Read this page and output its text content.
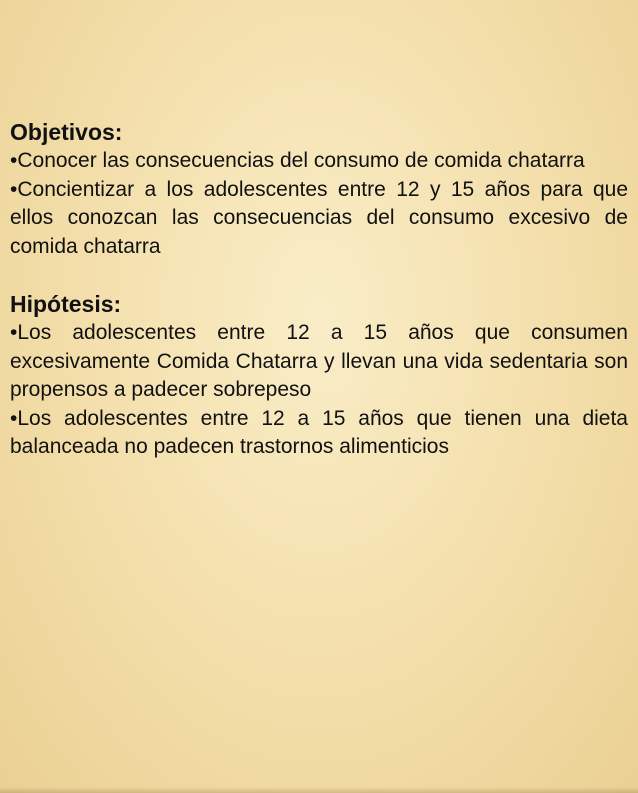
Objetivos:

•Conocer las consecuencias del consumo de comida chatarra

•Concientizar a los adolescentes entre 12 y 15 años para que ellos conozcan las consecuencias del consumo excesivo de comida chatarra

Hipótesis:

•Los adolescentes entre 12 a 15 años que consumen excesivamente Comida Chatarra y llevan una vida sedentaria son propensos a padecer sobrepeso

•Los adolescentes entre 12 a 15 años que tienen una dieta balanceada no padecen trastornos alimenticios
